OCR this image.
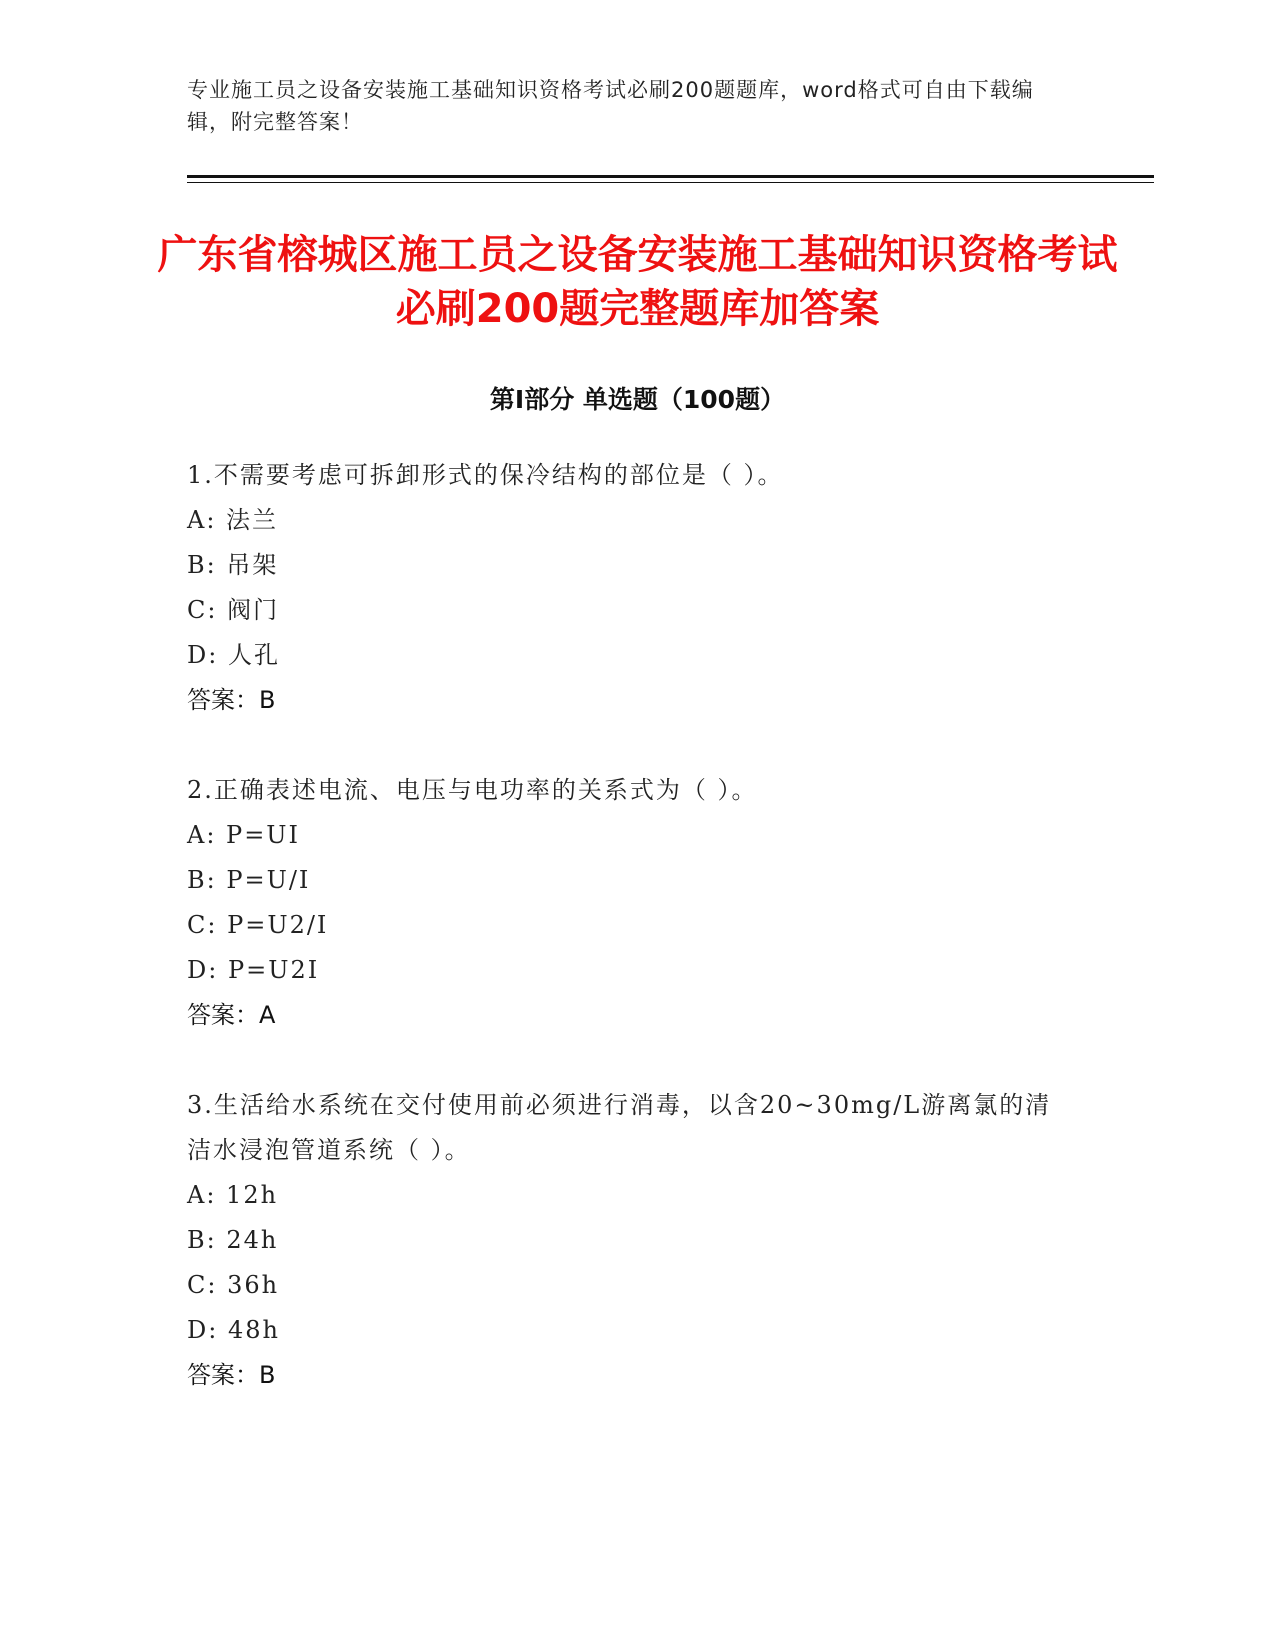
专业施工员之设备安装施工基础知识资格考试必刷200题题库，word格式可自由下载编辑，附完整答案！
广东省榕城区施工员之设备安装施工基础知识资格考试必刷200题完整题库加答案
第Ⅰ部分 单选题（100题）

1.不需要考虑可拆卸形式的保冷结构的部位是（ ）。

A: 法兰

B: 吊架

C: 阀门

D: 人孔

答案：B

2.正确表述电流、电压与电功率的关系式为（ ）。

A: P=UI

B: P=U/I

C: P=U2/I

D: P=U2I

答案：A

3.生活给水系统在交付使用前必须进行消毒，以含20~30mg/L游离氯的清洁水浸泡管道系统（ ）。

A: 12h

B: 24h

C: 36h

D: 48h

答案：B
